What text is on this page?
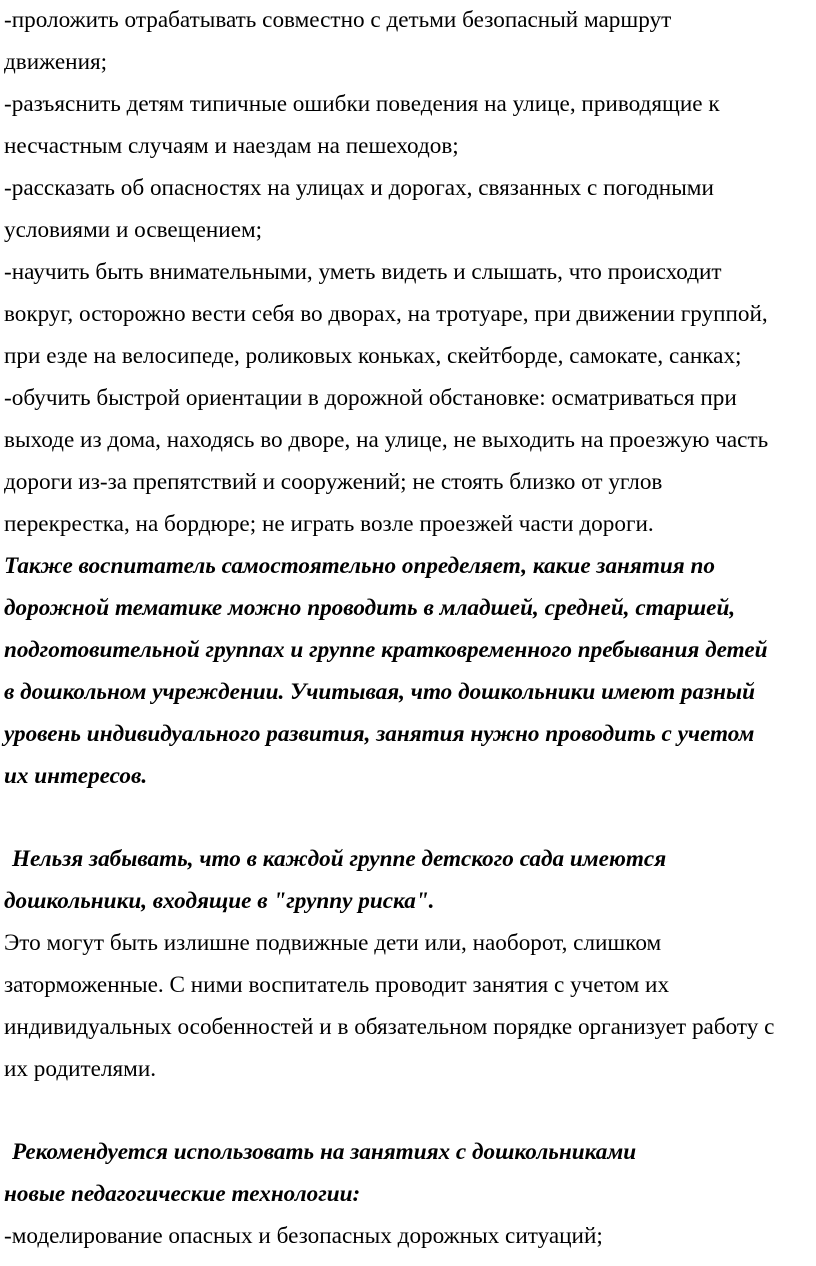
-проложить отрабатывать совместно с детьми безопасный маршрут
движения;
-разъяснить детям типичные ошибки поведения на улице, приводящие к
несчастным случаям и наездам на пешеходов;
-рассказать об опасностях на улицах и дорогах, связанных с погодными
условиями и освещением;
-научить быть внимательными, уметь видеть и слышать, что происходит
вокруг, осторожно вести себя во дворах, на тротуаре, при движении группой,
при езде на велосипеде, роликовых коньках, скейтборде, самокате, санках;
-обучить быстрой ориентации в дорожной обстановке: осматриваться при
выходе из дома, находясь во дворе, на улице, не выходить на проезжую часть
дороги из-за препятствий и сооружений; не стоять близко от углов
перекрестка, на бордюре; не играть возле проезжей части дороги.
Также воспитатель самостоятельно определяет, какие занятия по
дорожной тематике можно проводить в младшей, средней, старшей,
подготовительной группах и группе кратковременного пребывания детей
в дошкольном учреждении. Учитывая, что дошкольники имеют разный
уровень индивидуального развития, занятия нужно проводить с учетом
их интересов.
Нельзя забывать, что в каждой группе детского сада имеются
дошкольники, входящие в "группу риска".
Это могут быть излишне подвижные дети или, наоборот, слишком
заторможенные. С ними воспитатель проводит занятия с учетом их
индивидуальных особенностей и в обязательном порядке организует работу с
их родителями.
Рекомендуется использовать на занятиях с дошкольниками
новые педагогические технологии:
-моделирование опасных и безопасных дорожных ситуаций;
